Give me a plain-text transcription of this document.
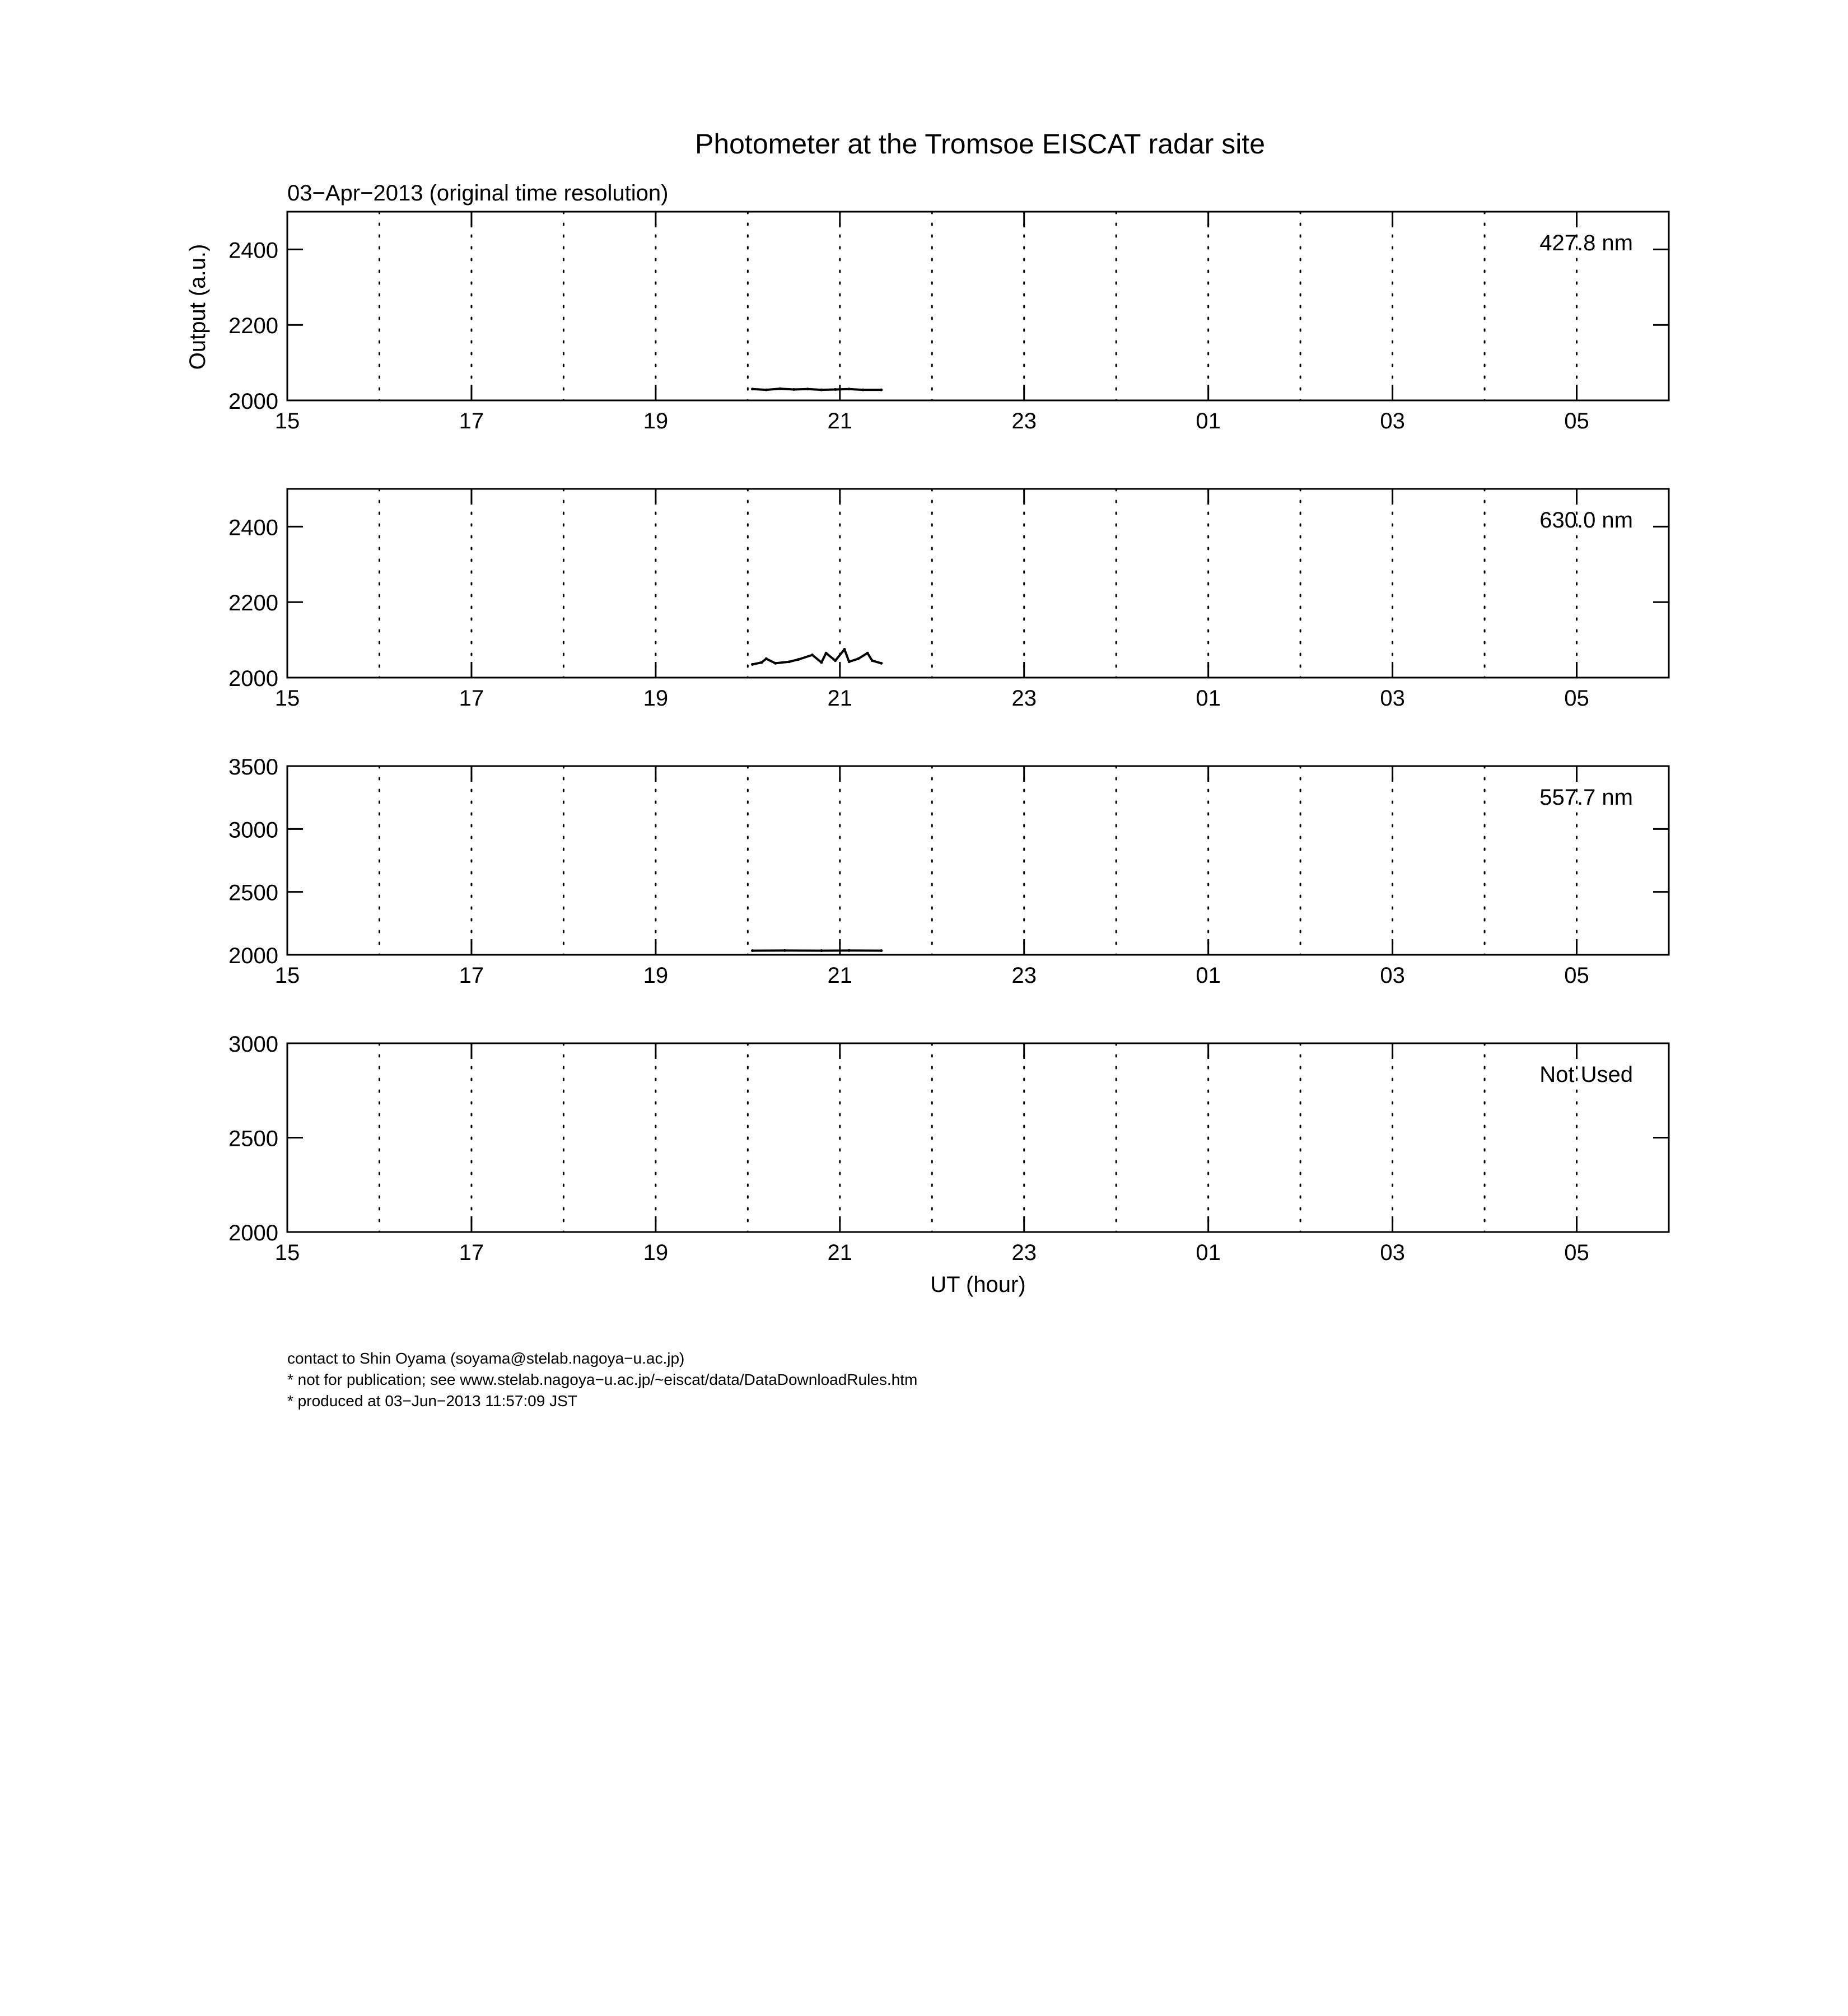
Photometer at the Tromsoe EISCAT radar site
03−Apr−2013 (original time resolution)
15	17	19	21	23	01	03	05
2000
2200
2400	427.8 nm
Output (a.u.)
15	17	19	21	23	01	03	05
2000
2200
2400	630.0 nm
15	17	19	21	23	01	03	05
2000
2500
3000
3500
557.7 nm
15	17	19	21	23	01	03	05
2000
2500
3000
Not Used
UT (hour)
contact to Shin Oyama (soyama@stelab.nagoya−u.ac.jp)
* not for publication; see www.stelab.nagoya−u.ac.jp/~eiscat/data/DataDownloadRules.htm
* produced at 03−Jun−2013 11:57:09 JST
